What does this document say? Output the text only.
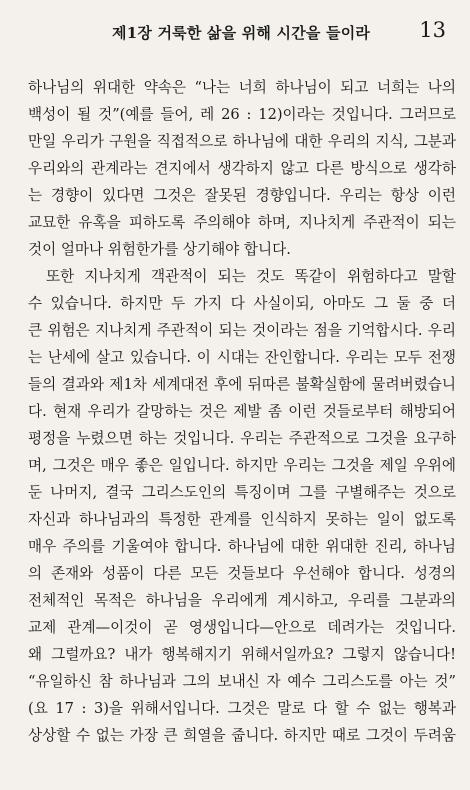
제1장 거룩한 삶을 위해 시간을 들이라 13
하나님의 위대한 약속은 “나는 너희 하나님이 되고 너희는 나의
백성이 될 것”(예를 들어, 레 26 : 12)이라는 것입니다. 그러므로
만일 우리가 구원을 직접적으로 하나님에 대한 우리의 지식, 그분과
우리와의 관계라는 견지에서 생각하지 않고 다른 방식으로 생각하
는 경향이 있다면 그것은 잘못된 경향입니다. 우리는 항상 이런
교묘한 유혹을 피하도록 주의해야 하며, 지나치게 주관적이 되는
것이 얼마나 위험한가를 상기해야 합니다.
또한 지나치게 객관적이 되는 것도 똑같이 위험하다고 말할
수 있습니다. 하지만 두 가지 다 사실이되, 아마도 그 둘 중 더
큰 위험은 지나치게 주관적이 되는 것이라는 점을 기억합시다. 우리
는 난세에 살고 있습니다. 이 시대는 잔인합니다. 우리는 모두 전쟁
들의 결과와 제1차 세계대전 후에 뒤따른 불확실함에 물려버렸습니
다. 현재 우리가 갈망하는 것은 제발 좀 이런 것들로부터 해방되어
평정을 누렸으면 하는 것입니다. 우리는 주관적으로 그것을 요구하
며, 그것은 매우 좋은 일입니다. 하지만 우리는 그것을 제일 우위에
둔 나머지, 결국 그리스도인의 특징이며 그를 구별해주는 것으로
자신과 하나님과의 특정한 관계를 인식하지 못하는 일이 없도록
매우 주의를 기울여야 합니다. 하나님에 대한 위대한 진리, 하나님
의 존재와 성품이 다른 모든 것들보다 우선해야 합니다. 성경의
전체적인 목적은 하나님을 우리에게 계시하고, 우리를 그분과의
교제 관계—이것이 곧 영생입니다—안으로 데려가는 것입니다.
왜 그럴까요? 내가 행복해지기 위해서일까요? 그렇지 않습니다!
“유일하신 참 하나님과 그의 보내신 자 예수 그리스도를 아는 것”
(요 17 : 3)을 위해서입니다. 그것은 말로 다 할 수 없는 행복과
상상할 수 없는 가장 큰 희열을 줍니다. 하지만 때로 그것이 두려움
